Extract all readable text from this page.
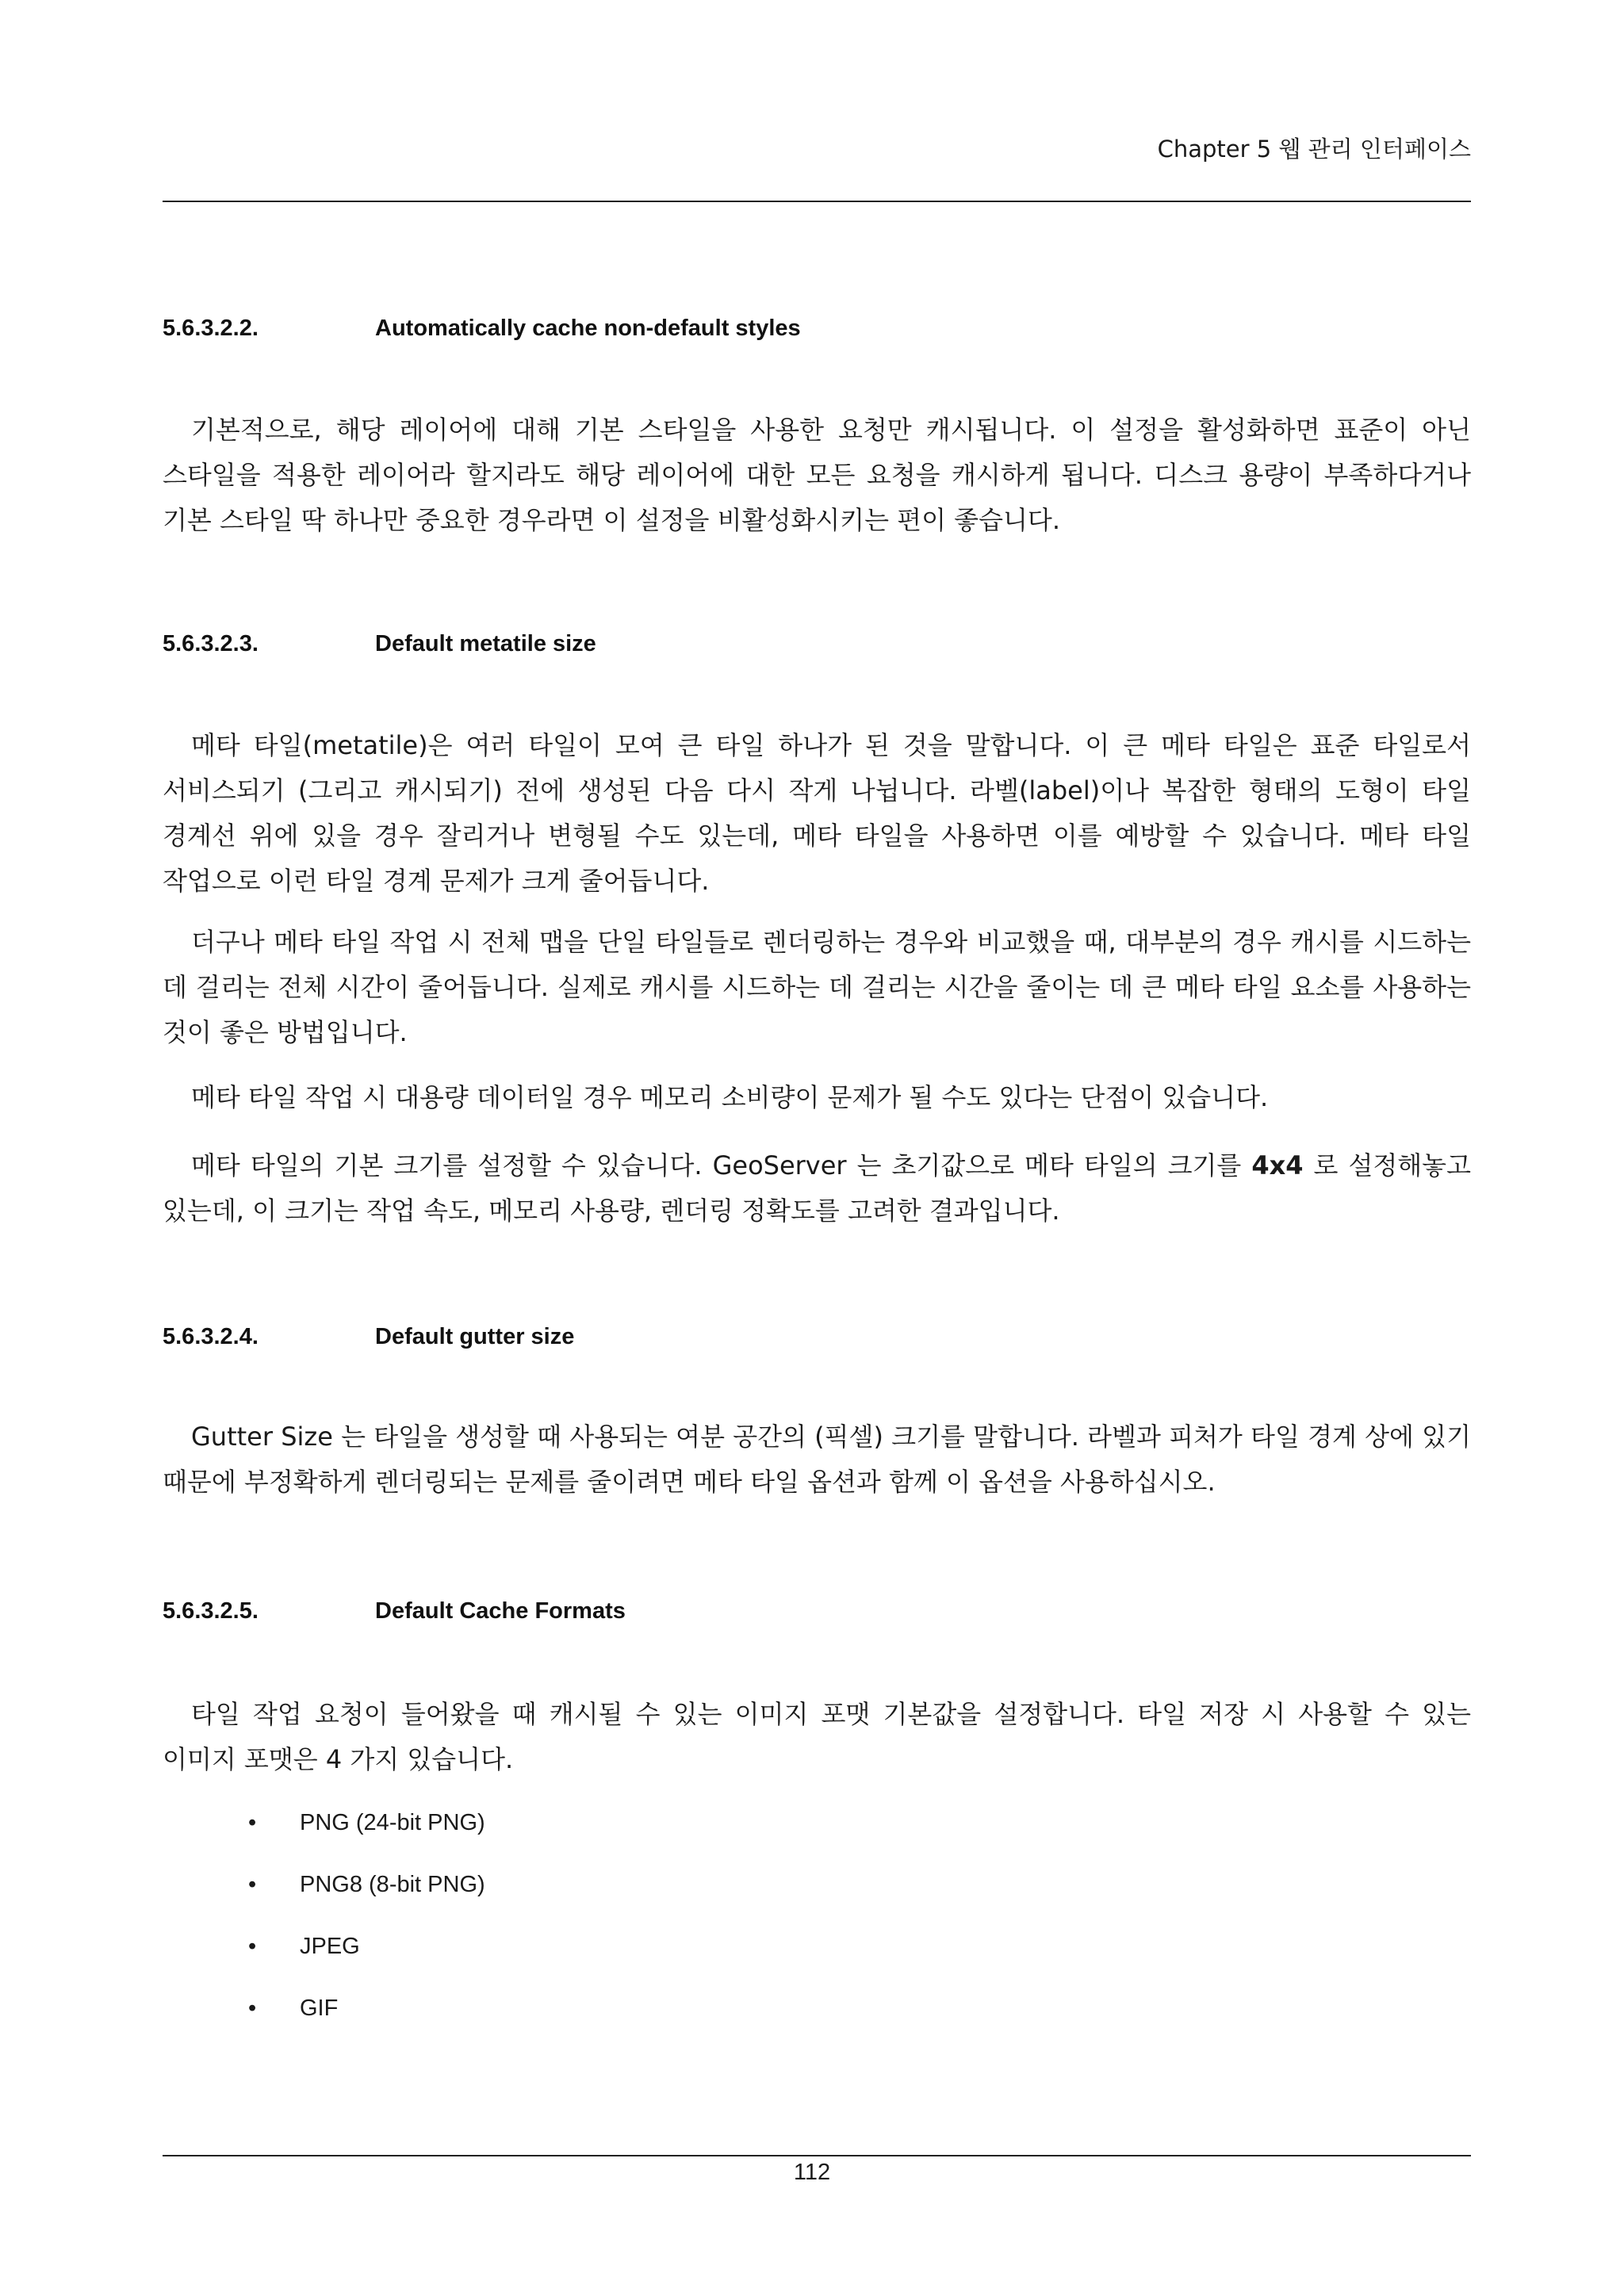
Chapter 5 웹 관리 인터페이스
5.6.3.2.2.	Automatically cache non-default styles

기본적으로, 해당 레이어에 대해 기본 스타일을 사용한 요청만 캐시됩니다. 이 설정을 활성화하면 표준이 아닌 스타일을 적용한 레이어라 할지라도 해당 레이어에 대한 모든 요청을 캐시하게 됩니다. 디스크 용량이 부족하다거나 기본 스타일 딱 하나만 중요한 경우라면 이 설정을 비활성화시키는 편이 좋습니다.

5.6.3.2.3.	Default metatile size

메타 타일(metatile)은 여러 타일이 모여 큰 타일 하나가 된 것을 말합니다. 이 큰 메타 타일은 표준 타일로서 서비스되기 (그리고 캐시되기) 전에 생성된 다음 다시 작게 나뉩니다. 라벨(label)이나 복잡한 형태의 도형이 타일 경계선 위에 있을 경우 잘리거나 변형될 수도 있는데, 메타 타일을 사용하면 이를 예방할 수 있습니다. 메타 타일 작업으로 이런 타일 경계 문제가 크게 줄어듭니다.

더구나 메타 타일 작업 시 전체 맵을 단일 타일들로 렌더링하는 경우와 비교했을 때, 대부분의 경우 캐시를 시드하는 데 걸리는 전체 시간이 줄어듭니다. 실제로 캐시를 시드하는 데 걸리는 시간을 줄이는 데 큰 메타 타일 요소를 사용하는 것이 좋은 방법입니다.

메타 타일 작업 시 대용량 데이터일 경우 메모리 소비량이 문제가 될 수도 있다는 단점이 있습니다.

메타 타일의 기본 크기를 설정할 수 있습니다. GeoServer 는 초기값으로 메타 타일의 크기를 4x4 로 설정해놓고 있는데, 이 크기는 작업 속도, 메모리 사용량, 렌더링 정확도를 고려한 결과입니다.

5.6.3.2.4.	Default gutter size

Gutter Size 는 타일을 생성할 때 사용되는 여분 공간의 (픽셀) 크기를 말합니다. 라벨과 피처가 타일 경계 상에 있기 때문에 부정확하게 렌더링되는 문제를 줄이려면 메타 타일 옵션과 함께 이 옵션을 사용하십시오.

5.6.3.2.5.	Default Cache Formats

타일 작업 요청이 들어왔을 때 캐시될 수 있는 이미지 포맷 기본값을 설정합니다. 타일 저장 시 사용할 수 있는 이미지 포맷은 4 가지 있습니다.

• PNG (24-bit PNG)
• PNG8 (8-bit PNG)
• JPEG
• GIF
112
